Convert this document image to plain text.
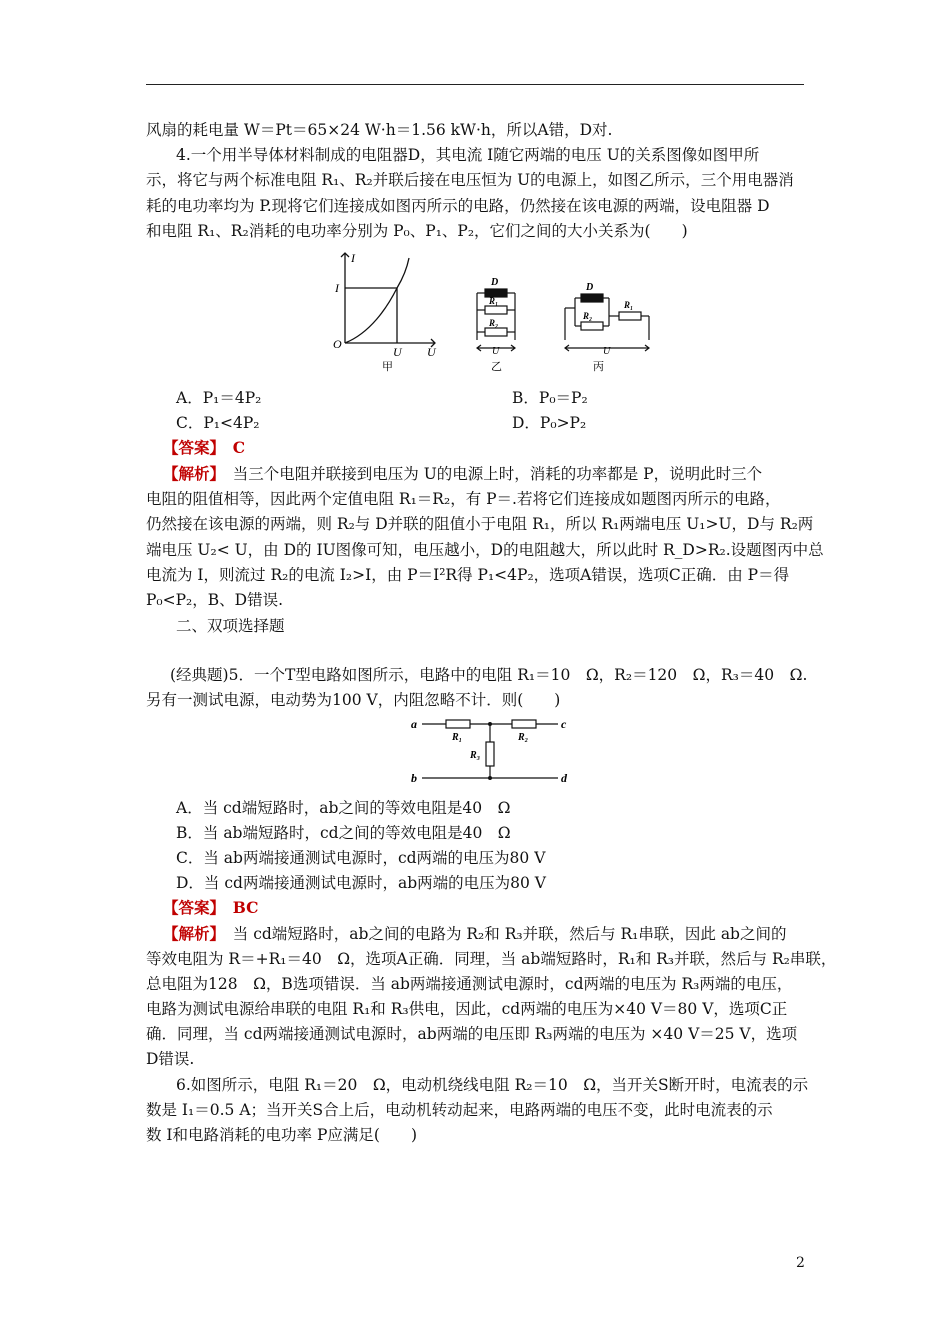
风扇的耗电量 W＝Pt＝65×24 W·h＝1.56 kW·h，所以A错，D对.
4.一个用半导体材料制成的电阻器D，其电流 I随它两端的电压 U的关系图像如图甲所
示，将它与两个标准电阻 R₁、R₂并联后接在电压恒为 U的电源上，如图乙所示，三个用电器消
耗的电功率均为 P.现将它们连接成如图丙所示的电路，仍然接在该电源的两端，设电阻器 D
和电阻 R₁、R₂消耗的电功率分别为 P₀、P₁、P₂，它们之间的大小关系为(　　)
I
I
O
U U
甲
D
R₁
R₂
U
乙
D
R₂
R₁
U
丙
A．P₁＝4P₂	B．P₀＝P₂
C．P₁<4P₂	D．P₀>P₂
【答案】　C
【解析】　当三个电阻并联接到电压为 U的电源上时，消耗的功率都是 P，说明此时三个
电阻的阻值相等，因此两个定值电阻 R₁＝R₂，有 P＝.若将它们连接成如题图丙所示的电路，
仍然接在该电源的两端，则 R₂与 D并联的阻值小于电阻 R₁，所以 R₁两端电压 U₁>U，D与 R₂两
端电压 U₂< U，由 D的 IU图像可知，电压越小，D的电阻越大，所以此时 R_D>R₂.设题图丙中总
电流为 I，则流过 R₂的电流 I₂>I，由 P＝I²R得 P₁<4P₂，选项A错误，选项C正确．由 P＝得
P₀<P₂，B、D错误.
二、双项选择题
(经典题)5．一个T型电路如图所示，电路中的电阻 R₁＝10　Ω，R₂＝120　Ω，R₃＝40　Ω.
另有一测试电源，电动势为100 V，内阻忽略不计．则(　　)
a
b
c
d
R₁	R₂
R₃
A．当 cd端短路时，ab之间的等效电阻是40　Ω
B．当 ab端短路时，cd之间的等效电阻是40　Ω
C．当 ab两端接通测试电源时，cd两端的电压为80 V
D．当 cd两端接通测试电源时，ab两端的电压为80 V
【答案】　BC
【解析】　当 cd端短路时，ab之间的电路为 R₂和 R₃并联，然后与 R₁串联，因此 ab之间的
等效电阻为 R＝+R₁＝40　Ω，选项A正确．同理，当 ab端短路时，R₁和 R₃并联，然后与 R₂串联，
总电阻为128　Ω，B选项错误．当 ab两端接通测试电源时，cd两端的电压为 R₃两端的电压，
电路为测试电源给串联的电阻 R₁和 R₃供电，因此，cd两端的电压为×40 V＝80 V，选项C正
确．同理，当 cd两端接通测试电源时，ab两端的电压即 R₃两端的电压为 ×40 V＝25 V，选项
D错误.
6.如图所示，电阻 R₁＝20　Ω，电动机绕线电阻 R₂＝10　Ω，当开关S断开时，电流表的示
数是 I₁＝0.5 A；当开关S合上后，电动机转动起来，电路两端的电压不变，此时电流表的示
数 I和电路消耗的电功率 P应满足(　　)
2
